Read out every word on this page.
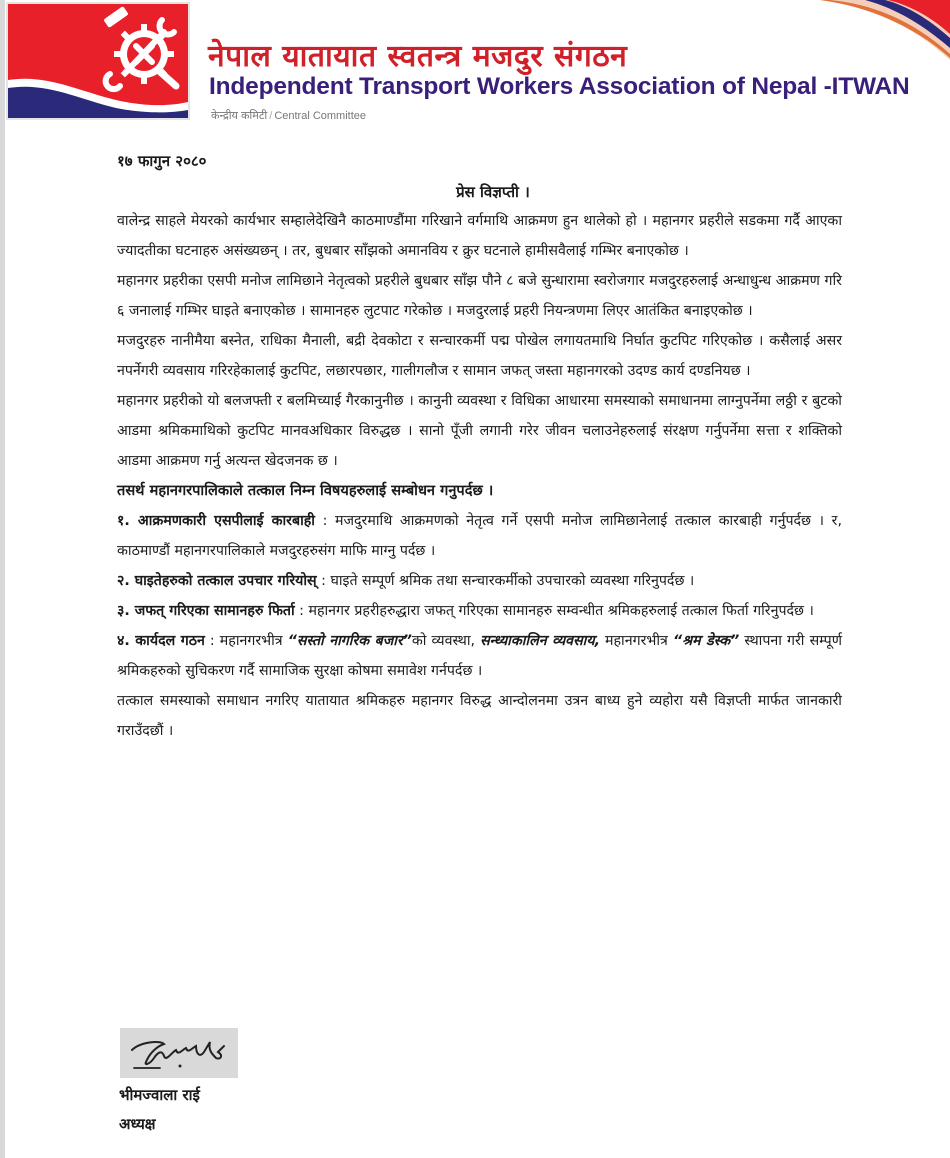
नेपाल यातायात स्वतन्त्र मजदुर संगठन
Independent Transport Workers Association of Nepal -ITWAN
केन्द्रीय कमिटी / Central Committee
१७ फागुन २०८०
प्रेस विज्ञप्ती ।

वालेन्द्र साहले मेयरको कार्यभार सम्हालेदेखिनै काठमाण्डौंमा गरिखाने वर्गमाथि आक्रमण हुन थालेको हो । महानगर प्रहरीले सडकमा गर्दै आएका ज्यादतीका घटनाहरु असंख्यछन् । तर, बुधबार साँझको अमानविय र क्रुर घटनाले हामीसवैलाई गम्भिर बनाएकोछ ।

महानगर प्रहरीका एसपी मनोज लामिछाने नेतृत्वको प्रहरीले बुधबार साँझ पौने ८ बजे सुन्धारामा स्वरोजगार मजदुरहरुलाई अन्धाधुन्ध आक्रमण गरि ६ जनालाई गम्भिर घाइते बनाएकोछ । सामानहरु लुटपाट गरेकोछ । मजदुरलाई प्रहरी नियन्त्रणमा लिएर आतंकित बनाइएकोछ ।

मजदुरहरु नानीमैया बस्नेत, राधिका मैनाली, बद्री देवकोटा र सन्चारकर्मी पद्म पोखेल लगायतमाथि निर्घात कुटपिट गरिएकोछ । कसैलाई असर नपर्नेगरी व्यवसाय गरिरहेकालाई कुटपिट, लछारपछार, गालीगलौज र सामान जफत् जस्ता महानगरको उदण्ड कार्य दण्डनियछ ।

महानगर प्रहरीको यो बलजफ्ती र बलमिच्याई गैरकानुनीछ । कानुनी व्यवस्था र विधिका आधारमा समस्याको समाधानमा लाग्नुपर्नेमा लठ्ठी र बुटको आडमा श्रमिकमाथिको कुटपिट मानवअधिकार विरुद्धछ । सानो पूँजी लगानी गरेर जीवन चलाउनेहरुलाई संरक्षण गर्नुपर्नेमा सत्ता र शक्तिको आडमा आक्रमण गर्नु अत्यन्त खेदजनक छ ।

तसर्थ महानगरपालिकाले तत्काल निम्न विषयहरुलाई सम्बोधन गनुपर्दछ ।

१. आक्रमणकारी एसपीलाई कारबाही : मजदुरमाथि आक्रमणको नेतृत्व गर्ने एसपी मनोज लामिछानेलाई तत्काल कारबाही गर्नुपर्दछ । र, काठमाण्डौं महानगरपालिकाले मजदुरहरुसंग माफि माग्नु पर्दछ ।

२. घाइतेहरुको तत्काल उपचार गरियोस् : घाइते सम्पूर्ण श्रमिक तथा सन्चारकर्मीको उपचारको व्यवस्था गरिनुपर्दछ ।

३. जफत् गरिएका सामानहरु फिर्ता : महानगर प्रहरीहरुद्धारा जफत् गरिएका सामानहरु सम्वन्धीत श्रमिकहरुलाई तत्काल फिर्ता गरिनुपर्दछ ।

४. कार्यदल गठन : महानगरभीत्र “सस्तो नागरिक बजार”को व्यवस्था, सन्ध्याकालिन व्यवसाय, महानगरभीत्र “श्रम डेस्क” स्थापना गरी सम्पूर्ण श्रमिकहरुको सुचिकरण गर्दै सामाजिक सुरक्षा कोषमा समावेश गर्नपर्दछ ।

तत्काल समस्याको समाधान नगरिए यातायात श्रमिकहरु महानगर विरुद्ध आन्दोलनमा उत्रन बाध्य हुने व्यहोरा यसै विज्ञप्ती मार्फत जानकारी गराउँदछौं ।

भीमज्वाला राई
अध्यक्ष
